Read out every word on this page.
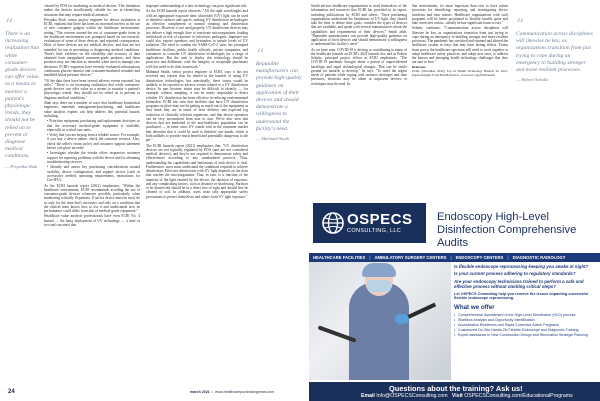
cleared by FDA for marketing as medical devices. This limitation makes the devices insufficiently reliable for use in identifying situations that may require medical attention."

Priyanka Shah, senior project engineer for device evaluation at ECRI, explains that there has been an increased interest in the use of new consumer gadgets within the healthcare environment, noting, "The concern around the use of consumer-grade items in the healthcare environment was prompted based on our research, evaluations of some of these devices, and reported consequences. Most of these devices are not medical devices, and thus are not intended for use in preventing or diagnosing medical conditions. There's little evidence on the reliability and accuracy of data obtained from unregulated consumer-grade products, and these products may not function as intended when used to manage care decisions. ECRI's engineers have recently evaluated subcutaneous continuous glucose monitor and consumer-marketed wearable and handheld blood pressure devices."

"Of the data there have been several adverse events reported, but stills," "There is an increasing realization that while consumer-grade devices can offer value as a means to monitor a patient's physiologic trends, they should not be relied on to prevent or diagnose medical conditions."

Shah says there are a number of ways that healthcare biomedical engineers, materials management/purchasing, and healthcare value analysis experts can help address this potential hazard, including:

• Prioritize equipment purchasing and replacement decisions so that the necessary medical-grade equipment is available, especially in critical care units.

• Verify that you are buying from a reliable source. For example, if you buy a device online, check the customer reviews. Also, check the seller's return policy and customer support statement before you place an order.

• Investigate whether the vendor offers responsive customer support for reporting problems with the device and for obtaining troubleshooting services.

• Identify and assess key purchasing considerations around usability, device configuration, and support factors (such as accessories needed, operating requirements, instructions for Use-IFU).

As the ECRI hazards report (2021) emphasizes, "Within the healthcare environment, ECRI recommends avoiding the use of consumer-grade devices whenever possible, particularly when monitoring critically ill patients. If such a device must be used, do so only for the time that's necessary and only on a condition that the clinical team knows how to use it and understands how its performance could differ from that of medical-grade equipment."

Healthcare value analysis professionals have even ECRI No. 4 hazard — the hasty deployment of UV technology — a time or two and can attest that

“
There is an increasing realization that while consumer-grade devices can offer value as a means to monitor a patient's physiologic trends, they should not be relied on to prevent or diagnose medical conditions.
— Priyanka Shah

improper understanding of a new technology can pose significant risk.

As the ECRI hazards report observes, "All the right wavelengths and with an appropriate exposure time, ultraviolet (UV) light can be used to disinfect surfaces and spaces, making UV disinfection technologies an effective complement to normal cleaning and disinfection processes. However, if not used properly, UV disinfection devices may not deliver a high enough dose to inactivate microorganisms, leading individuals at risk of exposure to infectious pathogens. Improper use could also expose operators and bystanders to unsafe levels of UV radiation. The need to combat the SARS-CoV-2 virus has prompted healthcare facilities, public health officials, private companies, and consumers to consider UV disinfection technologies for a range of applications. But the rush to deploy this technology should be proactive and deliberate, with the integrity of acceptable purchasers will first need to do their homework."

Mahmud Smith, senior project engineer at ECRI, says it has not received any reports thus far related to the hazards of using UV disinfection technologies, but anecdotally, these issues would be unlikely to be reported as adverse events related to a UV disinfection device. In part because issues may be difficult to identify — for example, without sampling, it can be nearly impossible to detect whether UV disinfection has been effective in reducing environmental bioburden. ECRI has seen that facilities that have UV disinfection programs in place may not be getting as much out of the equipment as they think they are in terms of dose delivery and expected log reduction of clinically relevant organisms, and that device operation can be very inconsistent from user to user. We've also seen that devices that are marketed to the non-healthcare population can be purchased — in some cases UV wands sold in the consumer market that advertise that it could be used to disinfect one hands, which is both unlikely to provide much benefit and potentially dangerous to the pet."

The ECRI hazards report (2021) emphasizes that, "UV disinfection devices are not typically regulated by FDA (and are not considered medical devices), and they're not required to demonstrate safety and effectiveness according to any standardized protocol. Thus, understanding the capabilities and limitations of each device is vital. Furthermore, users must understand the conditions required to achieve disinfection. Effective disinfection with UV light depends on the dose that reaches the microorganisms. That, in turn, is a function of the intensity of the light emitted by the device, the duration of exposure, and any complicating factors, such as distance or shadowing. Surfaces to be disinfected should be in a direct line of sight and should first be cleaned of soil. In addition, users must take appropriate safety precautions to protect themselves and others from UV light exposure."

“
Reputable manufacturers can provide high-quality guidance on application of their devices and should demonstrate a willingness to understand the facility's need.
— Mahmud Smith

Smith advises healthcare organizations to avail themselves of the information and resources that ECRI has provided in its report, including publications by ECRI and others. "Once purchasing organizations understand the limitations of UV light, they should take the time to define their goals, consider the types of devices that are available, and speak with several manufacturers about the capabilities and requirements of their devices," Smith adds. "Reputable manufacturers can provide high-quality guidance on application of their devices and should demonstrate a willingness to understand the facility's need."

As we have seen, COVID-19 is driving or contributing to many of the healthcare hazards on ECRI's 2021 hazards list, and as Robert Schultz, principal project officer at ECRI emphasizes, "The COVID-19 pandemic brought about a period of unprecedented hardships and rapid technological changes. That can be fertile ground for hazards to develop," he says. "To meet the urgent needs of patients while coping with resource shortages and time pressures, shortcuts may be taken or unproven devices or techniques may be used. In

that environment, it's more important than ever to have robust processes for identifying, reporting, and investigating device incidents and near misses. Healthcare organizations with such programs will be better positioned to identify trouble spots and take corrective action—ideally before significant harm occurs."

Schultz continues, "Communication across disciplines will likewise be key, as organizations transition from just trying to cope during an emergency to building stronger and more resilient processes. The pandemic has stretched and strained and altered the healthcare system in ways that may have lasting effects. Teams from across the healthcare spectrum will need to work together to adopt healthcare safety practices, and adopt new ones, to address the known and emerging health technology challenges that they are sure to face."

Reference
ECRI. (December 2020). Top 10 Health Technology Hazards for 2021: Expert Insights From Health Devices. www.ecri.org/2021hazards
“
Communication across disciplines will likewise be key, as organizations transition from just trying to cope during an emergency to building stronger and more resilient processes.
— Robert Schultz
24	march 2021  •  www.healthcarepurchasingnews.com
OSPECS
CONSULTING, LLC
Endoscopy High-Level Disinfection Comprehensive Audits
HEALTHCARE FACILITIES | AMBULATORY SURGERY CENTERS | ENDOSCOPY CENTERS | DIAGNOSTIC RADIOLOGY
Is flexible endoscope reprocessing keeping you awake at night?
Is your current process adhering to regulatory standards?
Are your endoscopy technicians trained to perform a safe and effective process without omitting critical steps?
Let OSPECS Consulting help you remove the issues impacting successful flexible endoscope reprocessing.
What we offer
• Comprehensive Assessment of the High-Level Disinfection (HLD) process
• Workflow Analysis and Opportunity Identification
• Accreditation Readiness and Rapid Corrective Action Programs
• Customized On-Site Hands-On Flexible Endoscope and Diagnostic Training
• Expert assistance in New Construction Design and Renovation Strategic Planning
Questions about the training? Ask us!
Email Info@OSPECSConsulting.com Visit OSPECSConsulting.com/EducationalPrograms
